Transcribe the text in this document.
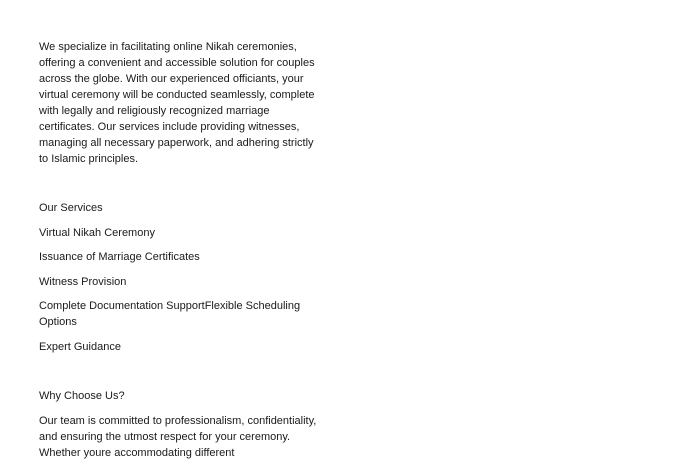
We specialize in facilitating online Nikah ceremonies, offering a convenient and accessible solution for couples across the globe. With our experienced officiants, your virtual ceremony will be conducted seamlessly, complete with legally and religiously recognized marriage certificates. Our services include providing witnesses, managing all necessary paperwork, and adhering strictly to Islamic principles.

Our Services

Virtual Nikah Ceremony

Issuance of Marriage Certificates

Witness Provision

Complete Documentation SupportFlexible Scheduling Options

Expert Guidance

Why Choose Us?

Our team is committed to professionalism, confidentiality, and ensuring the utmost respect for your ceremony. Whether youre accommodating different
